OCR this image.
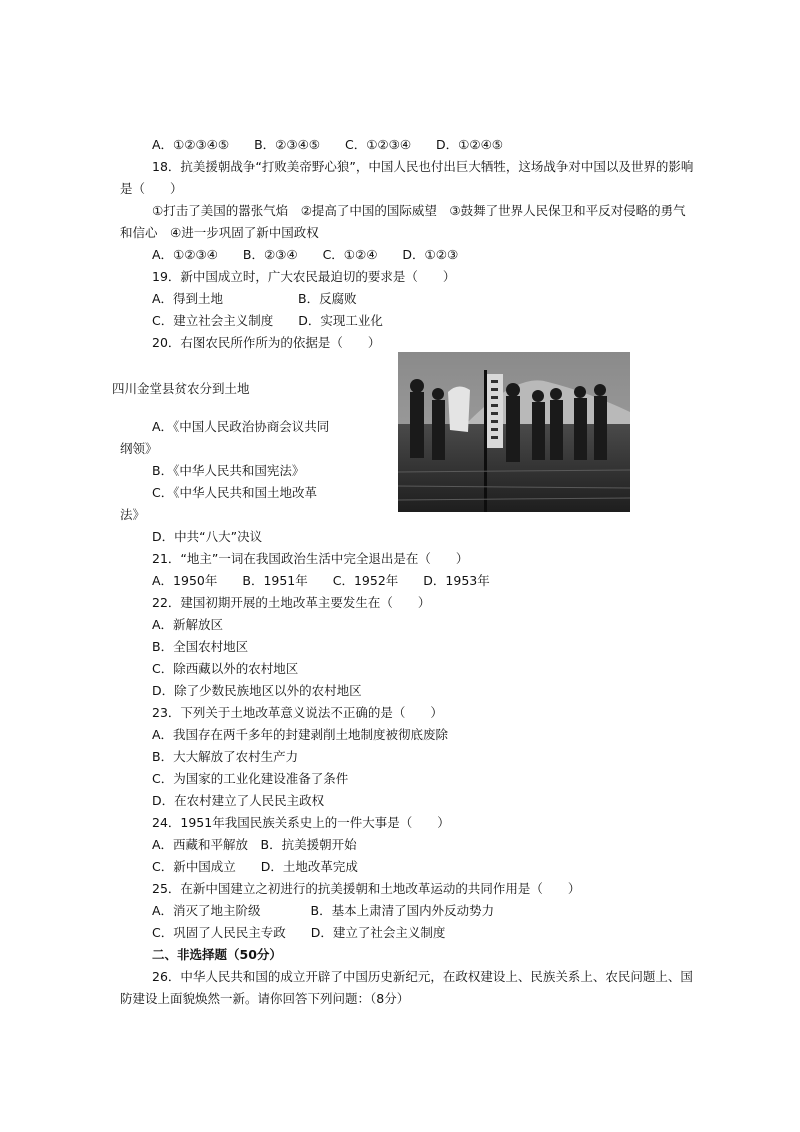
A．①②③④⑤　　B．②③④⑤　　C．①②③④　　D．①②④⑤
18．抗美援朝战争“打败美帝野心狼”，中国人民也付出巨大牺牲，这场战争对中国以及世界的影响
是（　　）
①打击了美国的嚣张气焰　②提高了中国的国际威望　③鼓舞了世界人民保卫和平反对侵略的勇气
和信心　④进一步巩固了新中国政权
A．①②③④　　B．②③④　　C．①②④　　D．①②③
19．新中国成立时，广大农民最迫切的要求是（　　）
A．得到土地　　　　　　B．反腐败
C．建立社会主义制度　　D．实现工业化
20．右图农民所作所为的依据是（　　）
四川金堂县贫农分到土地
A．《中国人民政治协商会议共同
纲领》
B．《中华人民共和国宪法》
C．《中华人民共和国土地改革
法》
D．中共“八大”决议
21．“地主”一词在我国政治生活中完全退出是在（　　）
A．1950年　　B．1951年　　C．1952年　　D．1953年
22．建国初期开展的土地改革主要发生在（　　）
A．新解放区
B．全国农村地区
C．除西藏以外的农村地区
D．除了少数民族地区以外的农村地区
23．下列关于土地改革意义说法不正确的是（　　）
A．我国存在两千多年的封建剥削土地制度被彻底废除
B．大大解放了农村生产力
C．为国家的工业化建设准备了条件
D．在农村建立了人民民主政权
24．1951年我国民族关系史上的一件大事是（　　）
A．西藏和平解放　B．抗美援朝开始
C．新中国成立　　D．土地改革完成
25．在新中国建立之初进行的抗美援朝和土地改革运动的共同作用是（　　）
A．消灭了地主阶级　　　　B．基本上肃清了国内外反动势力
C．巩固了人民民主专政　　D．建立了社会主义制度
二、非选择题（50分）
26．中华人民共和国的成立开辟了中国历史新纪元，在政权建设上、民族关系上、农民问题上、国
防建设上面貌焕然一新。请你回答下列问题：（8分）
